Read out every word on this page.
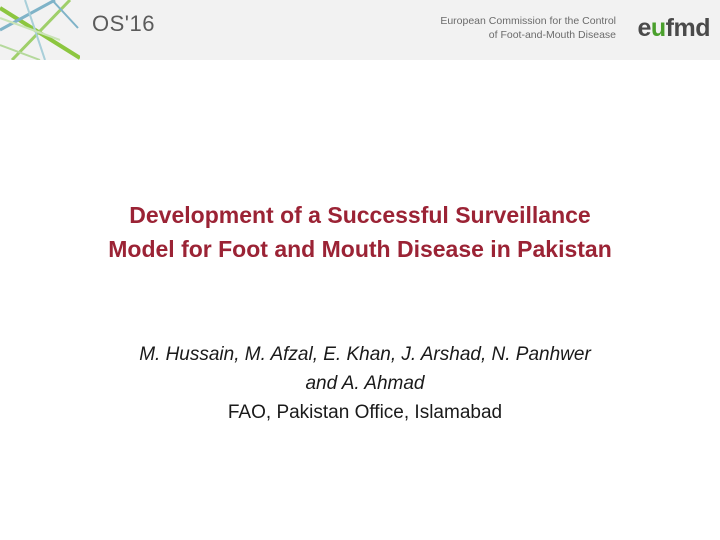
OS'16	European Commission for the Control
of Foot-and-Mouth Disease eufmd
Development of a Successful Surveillance
Model for Foot and Mouth Disease in Pakistan
M. Hussain, M. Afzal, E. Khan, J. Arshad, N. Panhwer
and A. Ahmad
FAO, Pakistan Office, Islamabad
